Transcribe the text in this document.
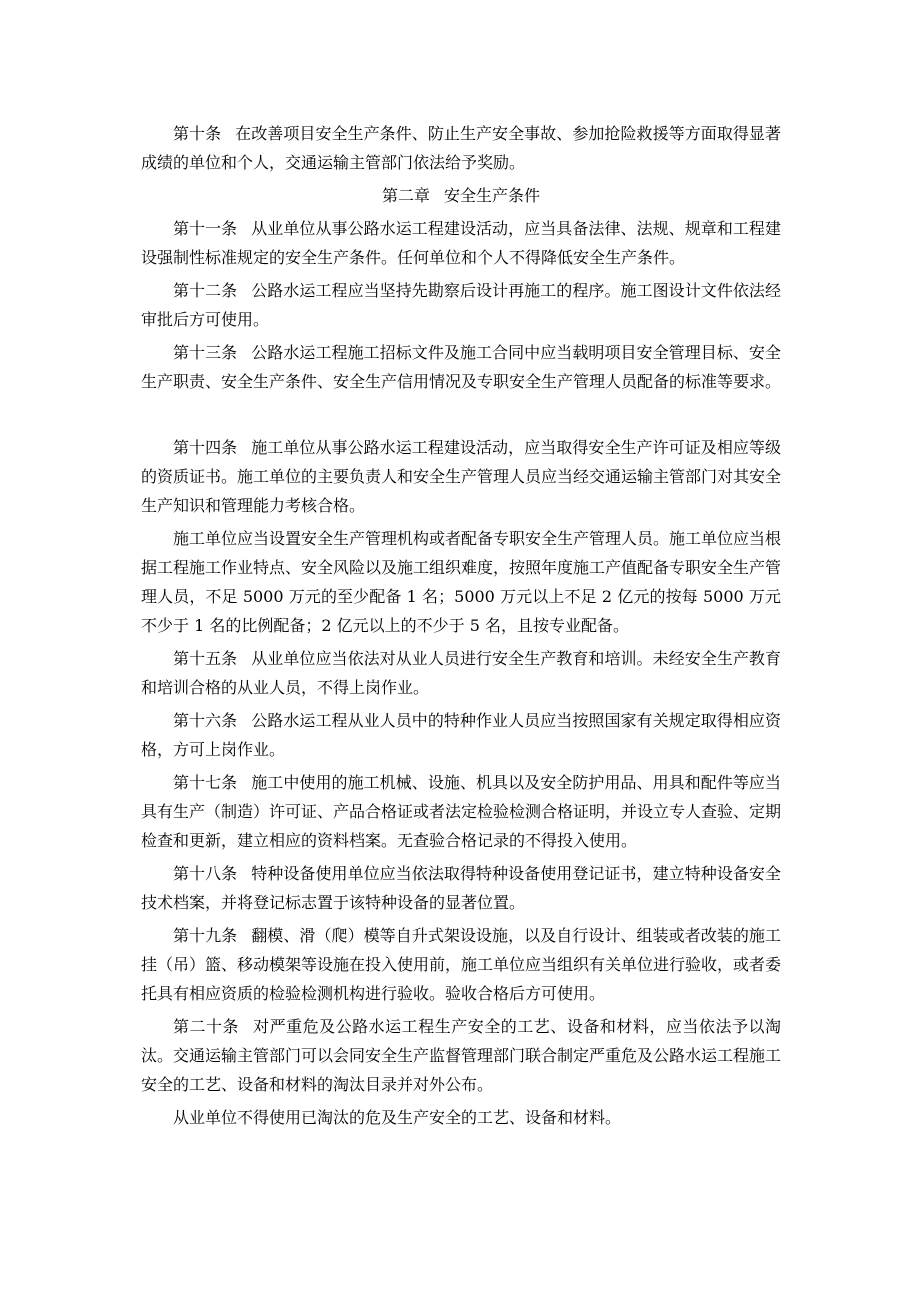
第十条 在改善项目安全生产条件、防止生产安全事故、参加抢险救援等方面取得显著成绩的单位和个人，交通运输主管部门依法给予奖励。

第二章 安全生产条件

第十一条 从业单位从事公路水运工程建设活动，应当具备法律、法规、规章和工程建设强制性标准规定的安全生产条件。任何单位和个人不得降低安全生产条件。

第十二条 公路水运工程应当坚持先勘察后设计再施工的程序。施工图设计文件依法经审批后方可使用。

第十三条 公路水运工程施工招标文件及施工合同中应当载明项目安全管理目标、安全生产职责、安全生产条件、安全生产信用情况及专职安全生产管理人员配备的标准等要求。

第十四条 施工单位从事公路水运工程建设活动，应当取得安全生产许可证及相应等级的资质证书。施工单位的主要负责人和安全生产管理人员应当经交通运输主管部门对其安全生产知识和管理能力考核合格。

施工单位应当设置安全生产管理机构或者配备专职安全生产管理人员。施工单位应当根据工程施工作业特点、安全风险以及施工组织难度，按照年度施工产值配备专职安全生产管理人员，不足 5000 万元的至少配备 1 名；5000 万元以上不足 2 亿元的按每 5000 万元不少于 1 名的比例配备；2 亿元以上的不少于 5 名，且按专业配备。

第十五条 从业单位应当依法对从业人员进行安全生产教育和培训。未经安全生产教育和培训合格的从业人员，不得上岗作业。

第十六条 公路水运工程从业人员中的特种作业人员应当按照国家有关规定取得相应资格，方可上岗作业。

第十七条 施工中使用的施工机械、设施、机具以及安全防护用品、用具和配件等应当具有生产（制造）许可证、产品合格证或者法定检验检测合格证明，并设立专人查验、定期检查和更新，建立相应的资料档案。无查验合格记录的不得投入使用。

第十八条 特种设备使用单位应当依法取得特种设备使用登记证书，建立特种设备安全技术档案，并将登记标志置于该特种设备的显著位置。

第十九条 翻模、滑（爬）模等自升式架设设施，以及自行设计、组装或者改装的施工挂（吊）篮、移动模架等设施在投入使用前，施工单位应当组织有关单位进行验收，或者委托具有相应资质的检验检测机构进行验收。验收合格后方可使用。

第二十条 对严重危及公路水运工程生产安全的工艺、设备和材料，应当依法予以淘汰。交通运输主管部门可以会同安全生产监督管理部门联合制定严重危及公路水运工程施工安全的工艺、设备和材料的淘汰目录并对外公布。

从业单位不得使用已淘汰的危及生产安全的工艺、设备和材料。
